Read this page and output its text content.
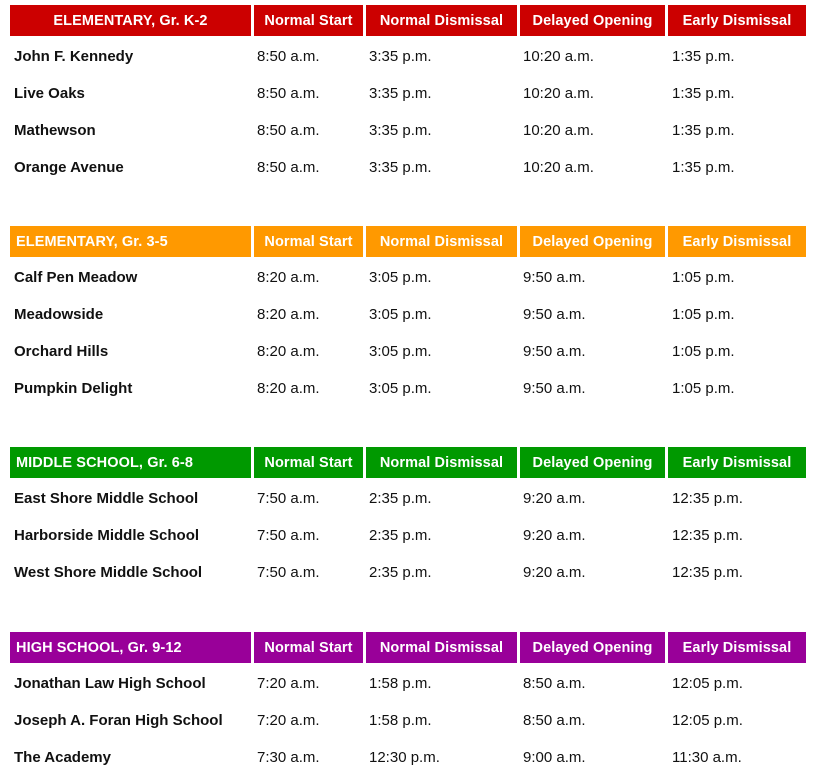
ELEMENTARY, Gr. K-2	Normal Start	Normal Dismissal	Delayed Opening	Early Dismissal
John F. Kennedy	8:50 a.m.	3:35 p.m.	10:20 a.m.	1:35 p.m.
Live Oaks	8:50 a.m.	3:35 p.m.	10:20 a.m.	1:35 p.m.
Mathewson	8:50 a.m.	3:35 p.m.	10:20 a.m.	1:35 p.m.
Orange Avenue	8:50 a.m.	3:35 p.m.	10:20 a.m.	1:35 p.m.
ELEMENTARY, Gr. 3-5	Normal Start	Normal Dismissal	Delayed Opening	Early Dismissal
Calf Pen Meadow	8:20 a.m.	3:05 p.m.	9:50 a.m.	1:05 p.m.
Meadowside	8:20 a.m.	3:05 p.m.	9:50 a.m.	1:05 p.m.
Orchard Hills	8:20 a.m.	3:05 p.m.	9:50 a.m.	1:05 p.m.
Pumpkin Delight	8:20 a.m.	3:05 p.m.	9:50 a.m.	1:05 p.m.
MIDDLE SCHOOL, Gr. 6-8	Normal Start	Normal Dismissal	Delayed Opening	Early Dismissal
East Shore Middle School	7:50 a.m.	2:35 p.m.	9:20 a.m.	12:35 p.m.
Harborside Middle School	7:50 a.m.	2:35 p.m.	9:20 a.m.	12:35 p.m.
West Shore Middle School	7:50 a.m.	2:35 p.m.	9:20 a.m.	12:35 p.m.
HIGH SCHOOL, Gr. 9-12	Normal Start	Normal Dismissal	Delayed Opening	Early Dismissal
Jonathan Law High School	7:20 a.m.	1:58 p.m.	8:50 a.m.	12:05 p.m.
Joseph A. Foran High School 7:20 a.m.	1:58 p.m.	8:50 a.m.	12:05 p.m.
The Academy	7:30 a.m.	12:30 p.m.	9:00 a.m.	11:30 a.m.
